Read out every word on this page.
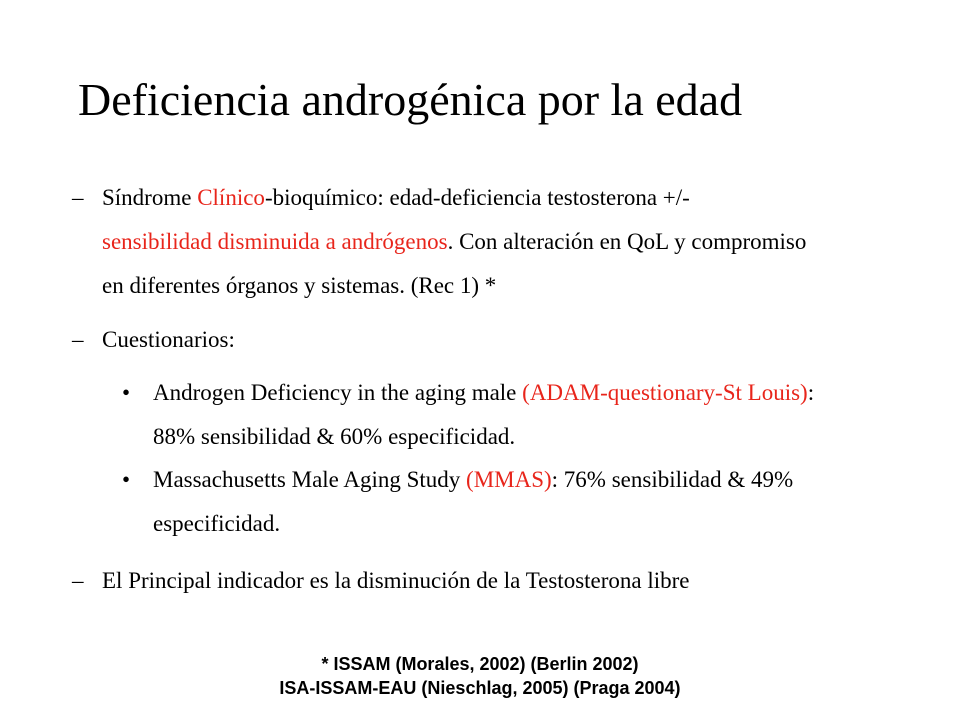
Deficiencia androgénica por la edad
– Síndrome Clínico-bioquímico: edad-deficiencia testosterona +/-
sensibilidad disminuida a andrógenos. Con alteración en QoL y compromiso en diferentes órganos y sistemas. (Rec 1) *
– Cuestionarios:
• Androgen Deficiency in the aging male (ADAM-questionary-St Louis): 88% sensibilidad & 60% especificidad.
• Massachusetts Male Aging Study (MMAS): 76% sensibilidad & 49% especificidad.
– El Principal indicador es la disminución de la Testosterona libre
* ISSAM (Morales, 2002) (Berlin 2002)
ISA-ISSAM-EAU (Nieschlag, 2005) (Praga 2004)
